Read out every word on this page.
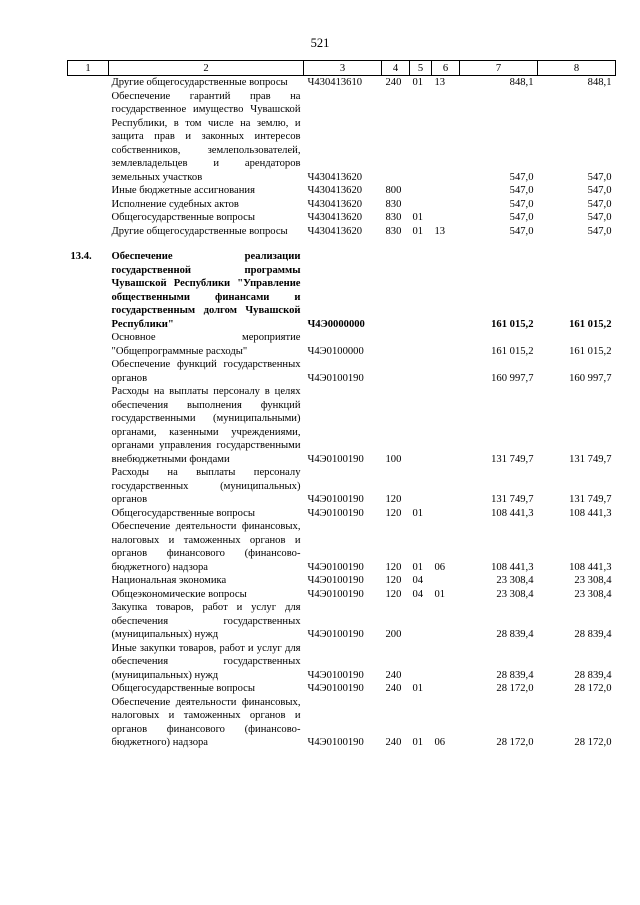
521
1	2	3	4	5	6	7	8
	Другие общегосударственные вопросы	Ч430413610	240	01	13	848,1	848,1
	Обеспечение гарантий прав на государственное имущество Чувашской Республики, в том числе на землю, и защита прав и законных интересов собственников, землепользователей, землевладельцев и арендаторов земельных участков	Ч430413620				547,0	547,0
	Иные бюджетные ассигнования	Ч430413620	800			547,0	547,0
	Исполнение судебных актов	Ч430413620	830			547,0	547,0
	Общегосударственные вопросы	Ч430413620	830	01		547,0	547,0
	Другие общегосударственные вопросы	Ч430413620	830	01	13	547,0	547,0

13.4.	Обеспечение реализации государственной программы Чувашской Республики "Управление общественными финансами и государственным долгом Чувашской Республики"	Ч4Э0000000				161 015,2	161 015,2
	Основное мероприятие "Общепрограммные расходы"	Ч4Э0100000				161 015,2	161 015,2
	Обеспечение функций государственных органов	Ч4Э0100190				160 997,7	160 997,7
	Расходы на выплаты персоналу в целях обеспечения выполнения функций государственными (муниципальными) органами, казенными учреждениями, органами управления государственными внебюджетными фондами	Ч4Э0100190	100			131 749,7	131 749,7
	Расходы на выплаты персоналу государственных (муниципальных) органов	Ч4Э0100190	120			131 749,7	131 749,7
	Общегосударственные вопросы	Ч4Э0100190	120	01		108 441,3	108 441,3
	Обеспечение деятельности финансовых, налоговых и таможенных органов и органов финансового (финансово-бюджетного) надзора	Ч4Э0100190	120	01	06	108 441,3	108 441,3
	Национальная экономика	Ч4Э0100190	120	04		23 308,4	23 308,4
	Общеэкономические вопросы	Ч4Э0100190	120	04	01	23 308,4	23 308,4
	Закупка товаров, работ и услуг для обеспечения государственных (муниципальных) нужд	Ч4Э0100190	200			28 839,4	28 839,4
	Иные закупки товаров, работ и услуг для обеспечения государственных (муниципальных) нужд	Ч4Э0100190	240			28 839,4	28 839,4
	Общегосударственные вопросы	Ч4Э0100190	240	01		28 172,0	28 172,0
	Обеспечение деятельности финансовых, налоговых и таможенных органов и органов финансового (финансово-бюджетного) надзора	Ч4Э0100190	240	01	06	28 172,0	28 172,0
